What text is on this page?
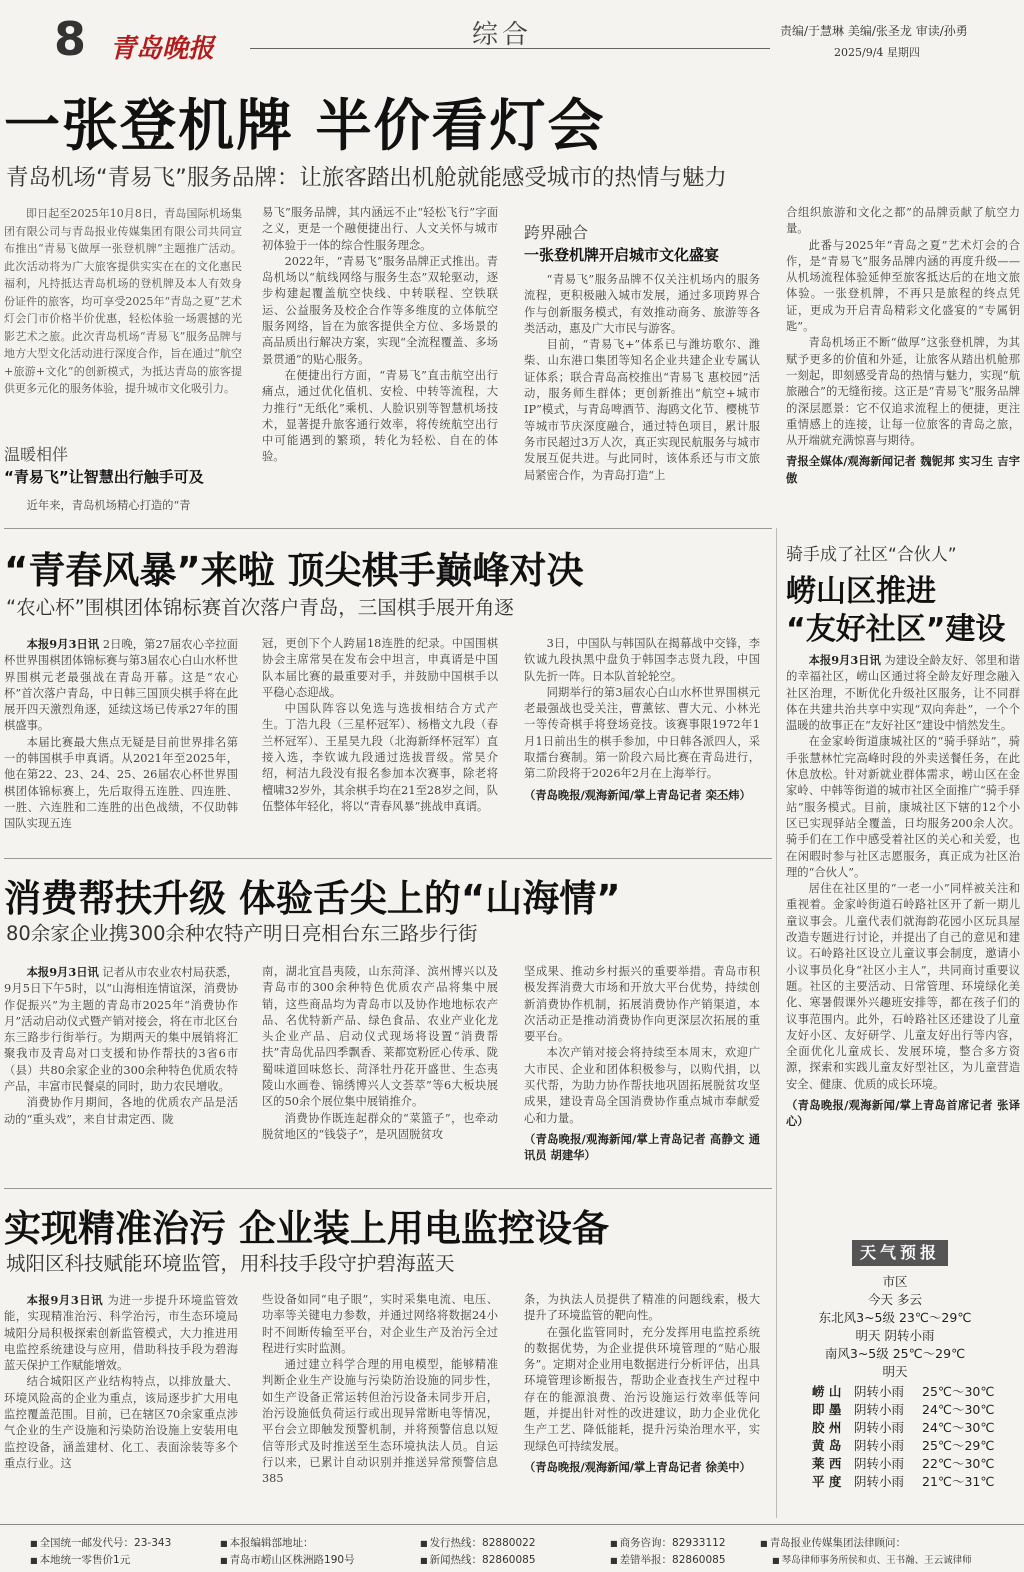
8 青岛晚报	综合	责编/于慧琳 美编/张圣龙 审读/孙勇
2025/9/4 星期四
一张登机牌 半价看灯会
青岛机场“青易飞”服务品牌：让旅客踏出机舱就能感受城市的热情与魅力

即日起至2025年10月8日，青岛国际机场集团有限公司与青岛报业传媒集团有限公司共同宣布推出“青易飞做厚一张登机牌”主题推广活动。此次活动将为广大旅客提供实实在在的文化惠民福利，凡持抵达青岛机场的登机牌及本人有效身份证件的旅客，均可享受2025年“青岛之夏”艺术灯会门市价格半价优惠，轻松体验一场震撼的光影艺术之旅。此次青岛机场“青易飞”服务品牌与地方大型文化活动进行深度合作，旨在通过“航空+旅游+文化”的创新模式，为抵达青岛的旅客提供更多元化的服务体验，提升城市文化吸引力。

温暖相伴
“青易飞”让智慧出行触手可及

近年来，青岛机场精心打造的“青

易飞”服务品牌，其内涵远不止“轻松飞行”字面之义，更是一个融便捷出行、人文关怀与城市初体验于一体的综合性服务理念。

2022年，“青易飞”服务品牌正式推出。青岛机场以“航线网络与服务生态”双轮驱动，逐步构建起覆盖航空快线、中转联程、空铁联运、公益服务及校企合作等多维度的立体航空服务网络，旨在为旅客提供全方位、多场景的高品质出行解决方案，实现“全流程覆盖、多场景贯通”的贴心服务。

在便捷出行方面，“青易飞”直击航空出行痛点，通过优化值机、安检、中转等流程，大力推行“无纸化”乘机、人脸识别等智慧机场技术，显著提升旅客通行效率，将传统航空出行中可能遇到的繁琐，转化为轻松、自在的体验。

跨界融合
一张登机牌开启城市文化盛宴

“青易飞”服务品牌不仅关注机场内的服务流程，更积极融入城市发展，通过多项跨界合作与创新服务模式，有效推动商务、旅游等各类活动，惠及广大市民与游客。

目前，“青易飞+”体系已与潍坊歌尔、潍柴、山东港口集团等知名企业共建企业专属认证体系；联合青岛高校推出“青易飞 惠校园”活动，服务师生群体；更创新推出“航空+城市IP”模式，与青岛啤酒节、海鸥文化节、樱桃节等城市节庆深度融合，通过特色项目，累计服务市民超过3万人次，真正实现民航服务与城市发展互促共进。与此同时，该体系还与市文旅局紧密合作，为青岛打造“上

合组织旅游和文化之都”的品牌贡献了航空力量。

此番与2025年“青岛之夏”艺术灯会的合作，是“青易飞”服务品牌内涵的再度升级——从机场流程体验延伸至旅客抵达后的在地文旅体验。一张登机牌，不再只是旅程的终点凭证，更成为开启青岛精彩文化盛宴的“专属钥匙”。

青岛机场正不断“做厚”这张登机牌，为其赋予更多的价值和外延，让旅客从踏出机舱那一刻起，即刻感受青岛的热情与魅力，实现“航旅融合”的无缝衔接。这正是“青易飞”服务品牌的深层愿景：它不仅追求流程上的便捷，更注重情感上的连接，让每一位旅客的青岛之旅，从开端就充满惊喜与期待。

青报全媒体/观海新闻记者 魏铌邦 实习生 吉宇傲

“青春风暴”来啦 顶尖棋手巅峰对决
“农心杯”围棋团体锦标赛首次落户青岛，三国棋手展开角逐

本报9月3日讯 2日晚，第27届农心辛拉面杯世界围棋团体锦标赛与第3届农心白山水杯世界围棋元老最强战在青岛开幕。这是“农心杯”首次落户青岛，中日韩三国顶尖棋手将在此展开四天激烈角逐，延续这场已传承27年的围棋盛事。

本届比赛最大焦点无疑是目前世界排名第一的韩国棋手申真谞。从2021年至2025年，他在第22、23、24、25、26届农心杯世界围棋团体锦标赛上，先后取得五连胜、四连胜、一胜、六连胜和二连胜的出色战绩，不仅助韩国队实现五连

冠，更创下个人跨届18连胜的纪录。中国围棋协会主席常昊在发布会中坦言，申真谞是中国队本届比赛的最重要对手，并鼓励中国棋手以平稳心态迎战。

中国队阵容以免选与选拔相结合方式产生。丁浩九段（三星杯冠军）、杨楷文九段（春兰杯冠军）、王星昊九段（北海新绎杯冠军）直接入选，李钦诚九段通过选拔晋级。常昊介绍，柯洁九段没有报名参加本次赛事，除老将檀啸32岁外，其余棋手均在21至28岁之间，队伍整体年轻化，将以“青春风暴”挑战申真谞。

3日，中国队与韩国队在揭幕战中交锋，李钦诚九段执黑中盘负于韩国李志贤九段，中国队先折一阵。日本队首轮轮空。

同期举行的第3届农心白山水杯世界围棋元老最强战也受关注，曹薰铉、曹大元、小林光一等传奇棋手将登场竞技。该赛事限1972年1月1日前出生的棋手参加，中日韩各派四人，采取擂台赛制。第一阶段六局比赛在青岛进行，第二阶段将于2026年2月在上海举行。

（青岛晚报/观海新闻/掌上青岛记者 栾丕炜）

消费帮扶升级 体验舌尖上的“山海情”
80余家企业携300余种农特产明日亮相台东三路步行街

本报9月3日讯 记者从市农业农村局获悉，9月5日下午5时，以“山海相连情谊深，消费协作促振兴”为主题的青岛市2025年“消费协作月”活动启动仪式暨产销对接会，将在市北区台东三路步行街举行。为期两天的集中展销将汇聚我市及青岛对口支援和协作帮扶的3省6市（县）共80余家企业的300余种特色优质农特产品，丰富市民餐桌的同时，助力农民增收。

消费协作月期间，各地的优质农产品是活动的“重头戏”，来自甘肃定西、陇

南，湖北宜昌夷陵，山东菏泽、滨州博兴以及青岛市的300余种特色优质农产品将集中展销，这些商品均为青岛市以及协作地地标农产品、名优特新产品、绿色食品、农业产业化龙头企业产品、启动仪式现场将设置“消费帮扶”青岛优品四季飘香、莱都宽粉匠心传承、陇蜀味道回味悠长、菏泽牡丹花开盛世、生态夷陵山水画卷、锦绣博兴人文荟萃”等6大板块展区的50余个展位集中展销推介。

消费协作既连起群众的“菜篮子”，也牵动脱贫地区的“钱袋子”，是巩固脱贫攻

坚成果、推动乡村振兴的重要举措。青岛市积极发挥消费大市场和开放大平台优势，持续创新消费协作机制，拓展消费协作产销渠道，本次活动正是推动消费协作向更深层次拓展的重要平台。

本次产销对接会将持续至本周末，欢迎广大市民、企业和团体积极参与，以购代捐，以买代帮，为助力协作帮扶地巩固拓展脱贫攻坚成果，建设青岛全国消费协作重点城市奉献爱心和力量。

（青岛晚报/观海新闻/掌上青岛记者 高静文 通讯员 胡建华）

实现精准治污 企业装上用电监控设备
城阳区科技赋能环境监管，用科技手段守护碧海蓝天

本报9月3日讯 为进一步提升环境监管效能，实现精准治污、科学治污，市生态环境局城阳分局积极探索创新监管模式，大力推进用电监控系统建设与应用，借助科技手段为碧海蓝天保护工作赋能增效。

结合城阳区产业结构特点，以排放量大、环境风险高的企业为重点，该局逐步扩大用电监控覆盖范围。目前，已在辖区70余家重点涉气企业的生产设施和污染防治设施上安装用电监控设备，涵盖建材、化工、表面涂装等多个重点行业。这

些设备如同“电子眼”，实时采集电流、电压、功率等关键电力参数，并通过网络将数据24小时不间断传输至平台，对企业生产及治污全过程进行实时监测。

通过建立科学合理的用电模型，能够精准判断企业生产设施与污染防治设施的同步性，如生产设备正常运转但治污设备未同步开启，治污设施低负荷运行或出现异常断电等情况，平台会立即触发预警机制，并将预警信息以短信等形式及时推送至生态环境执法人员。自运行以来，已累计自动识别并推送异常预警信息385

条，为执法人员提供了精准的问题线索，极大提升了环境监管的靶向性。

在强化监管同时，充分发挥用电监控系统的数据优势，为企业提供环境管理的“贴心服务”。定期对企业用电数据进行分析评估，出具环境管理诊断报告，帮助企业查找生产过程中存在的能源浪费、治污设施运行效率低等问题，并提出针对性的改进建议，助力企业优化生产工艺、降低能耗，提升污染治理水平，实现绿色可持续发展。

（青岛晚报/观海新闻/掌上青岛记者 徐美中）

骑手成了社区“合伙人”
崂山区推进
“友好社区”建设

本报9月3日讯 为建设全龄友好、邻里和谐的幸福社区，崂山区通过将全龄友好理念融入社区治理，不断优化升级社区服务，让不同群体在共建共治共享中实现“双向奔赴”，一个个温暖的故事正在“友好社区”建设中悄然发生。

在金家岭街道康城社区的“骑手驿站”，骑手张慧林忙完高峰时段的外卖送餐任务，在此休息放松。针对新就业群体需求，崂山区在金家岭、中韩等街道的城市社区全面推广“骑手驿站”服务模式。目前，康城社区下辖的12个小区已实现驿站全覆盖，日均服务200余人次。骑手们在工作中感受着社区的关心和关爱，也在闲暇时参与社区志愿服务，真正成为社区治理的“合伙人”。

居住在社区里的“一老一小”同样被关注和重视着。金家岭街道石岭路社区开了新一期儿童议事会。儿童代表们就海韵花园小区玩具屋改造专题进行讨论，并提出了自己的意见和建议。石岭路社区设立儿童议事会制度，邀请小小议事员化身“社区小主人”，共同商讨重要议题。社区的主要活动、日常管理、环境绿化美化、寒暑假课外兴趣班安排等，都在孩子们的议事范围内。此外，石岭路社区还建设了儿童友好小区、友好研学、儿童友好出行等内容，全面优化儿童成长、发展环境，整合多方资源，探索和实践儿童友好型社区，为儿童营造安全、健康、优质的成长环境。

（青岛晚报/观海新闻/掌上青岛首席记者 张译心）

天气预报
市区
今天 多云
东北风3~5级 23℃～29℃
明天 阴转小雨
南风3~5级 25℃～29℃
明天
崂 山 阴转小雨 25℃～30℃
即 墨 阴转小雨 24℃～30℃
胶 州 阴转小雨 24℃～30℃
黄 岛 阴转小雨 25℃～29℃
莱 西 阴转小雨 22℃～30℃
平 度 阴转小雨 21℃～31℃
■ 全国统一邮发代号：23-343
■ 本地统一零售价1元
■ 本报编辑部地址：
■ 青岛市崂山区株洲路190号
■ 发行热线：82880022
■ 新闻热线：82860085
■ 商务咨询：82933112
■ 差错举报：82860085
■ 青岛报业传媒集团法律顾问：
■ 琴岛律师事务所侯和贞、王书瀚、王云诚律师
